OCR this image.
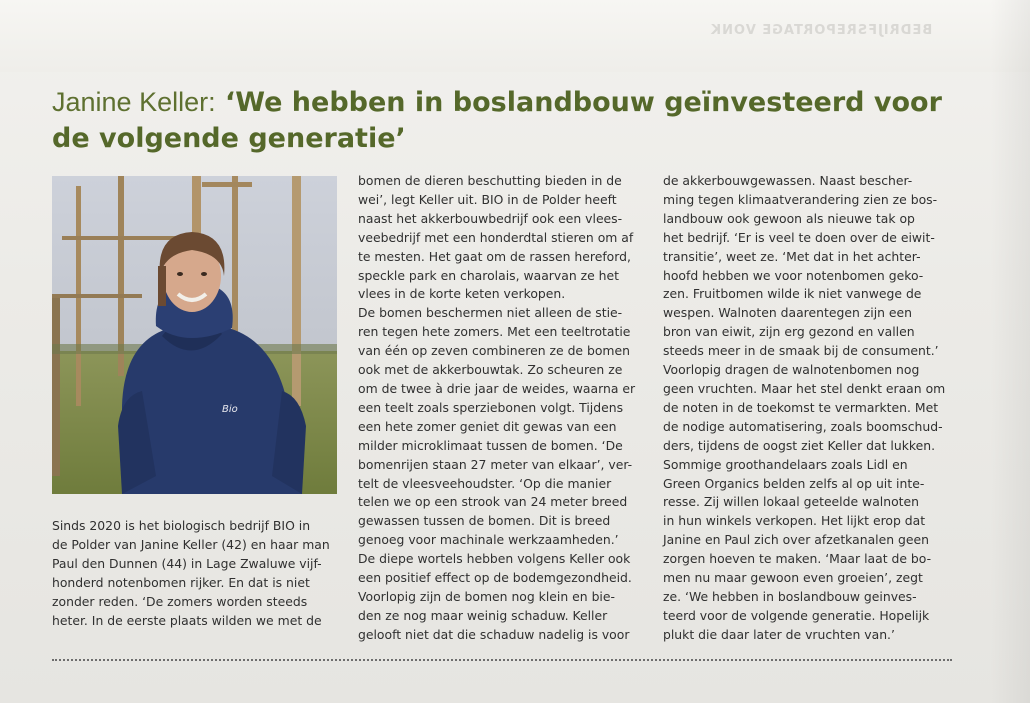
BEDRIJFSREPORTAGE VONK
Janine Keller: ‘We hebben in boslandbouw geïnvesteerd voor de volgende generatie’
Bio

Sinds 2020 is het biologisch bedrijf BIO in

de Polder van Janine Keller (42) en haar man

Paul den Dunnen (44) in Lage Zwaluwe vijf-

honderd notenbomen rijker. En dat is niet

zonder reden. ‘De zomers worden steeds

heter. In de eerste plaats wilden we met de

bomen de dieren beschutting bieden in de

wei’, legt Keller uit. BIO in de Polder heeft

naast het akkerbouwbedrijf ook een vlees-

veebedrijf met een honderdtal stieren om af

te mesten. Het gaat om de rassen hereford,

speckle park en charolais, waarvan ze het

vlees in de korte keten verkopen.

De bomen beschermen niet alleen de stie-

ren tegen hete zomers. Met een teeltrotatie

van één op zeven combineren ze de bomen

ook met de akkerbouwtak. Zo scheuren ze

om de twee à drie jaar de weides, waarna er

een teelt zoals sperziebonen volgt. Tijdens

een hete zomer geniet dit gewas van een

milder microklimaat tussen de bomen. ‘De

bomenrijen staan 27 meter van elkaar’, ver-

telt de vleesveehoudster. ‘Op die manier

telen we op een strook van 24 meter breed

gewassen tussen de bomen. Dit is breed

genoeg voor machinale werkzaamheden.’

De diepe wortels hebben volgens Keller ook

een positief effect op de bodemgezondheid.

Voorlopig zijn de bomen nog klein en bie-

den ze nog maar weinig schaduw. Keller

gelooft niet dat die schaduw nadelig is voor

de akkerbouwgewassen. Naast bescher-

ming tegen klimaatverandering zien ze bos-

landbouw ook gewoon als nieuwe tak op

het bedrijf. ‘Er is veel te doen over de eiwit-

transitie’, weet ze. ‘Met dat in het achter-

hoofd hebben we voor notenbomen geko-

zen. Fruitbomen wilde ik niet vanwege de

wespen. Walnoten daarentegen zijn een

bron van eiwit, zijn erg gezond en vallen

steeds meer in de smaak bij de consument.’

Voorlopig dragen de walnotenbomen nog

geen vruchten. Maar het stel denkt eraan om

de noten in de toekomst te vermarkten. Met

de nodige automatisering, zoals boomschud-

ders, tijdens de oogst ziet Keller dat lukken.

Sommige groothandelaars zoals Lidl en

Green Organics belden zelfs al op uit inte-

resse. Zij willen lokaal geteelde walnoten

in hun winkels verkopen. Het lijkt erop dat

Janine en Paul zich over afzetkanalen geen

zorgen hoeven te maken. ‘Maar laat de bo-

men nu maar gewoon even groeien’, zegt

ze. ‘We hebben in boslandbouw geinves-

teerd voor de volgende generatie. Hopelijk

plukt die daar later de vruchten van.’
